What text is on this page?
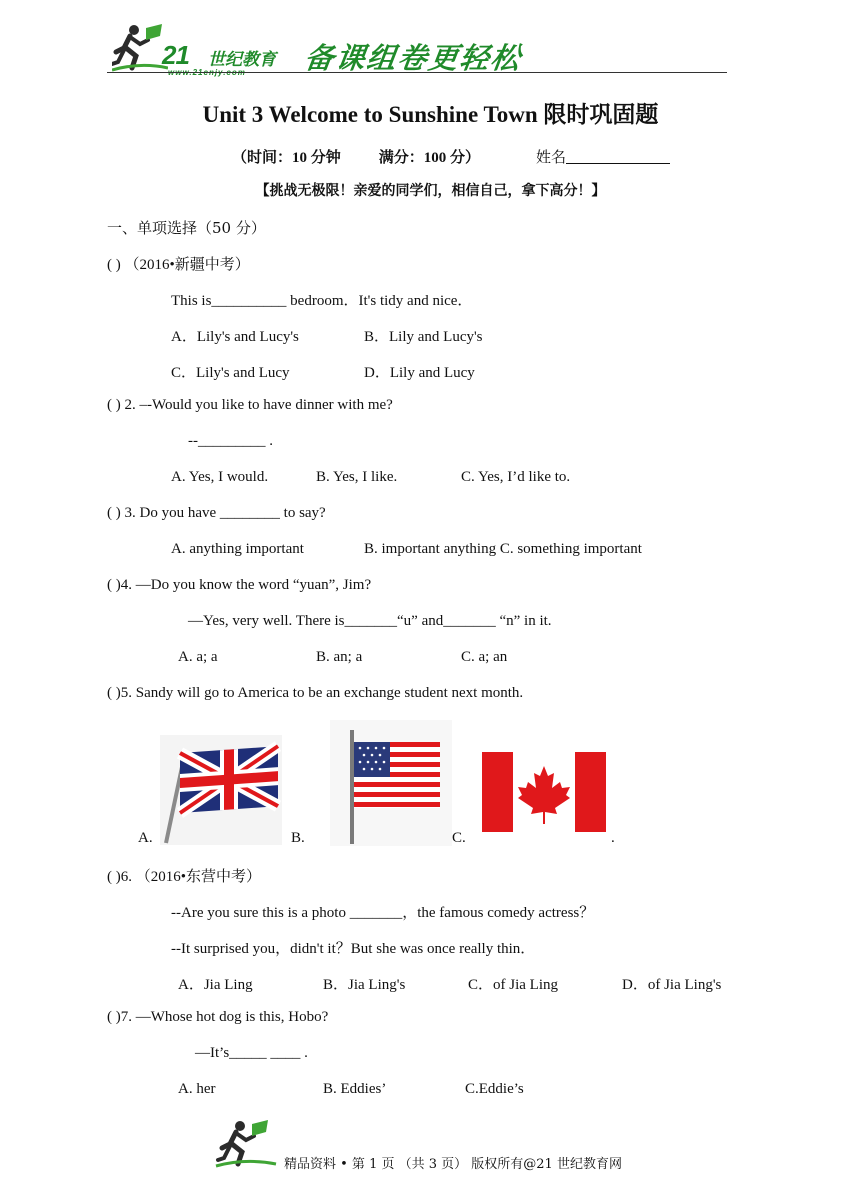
21 世纪教育
www.21cnjy.com 备课组卷更轻松
Unit 3 Welcome to Sunshine Town 限时巩固题
（时间：10 分钟	满分：100 分）	姓名
【挑战无极限！亲爱的同学们，相信自己，拿下高分！】
一、单项选择（50 分）
( ) （2016•新疆中考）
This is__________ bedroom．It's tidy and nice．
A．Lily's and Lucy's	B．Lily and Lucy's
C．Lily's and Lucy	D．Lily and Lucy
( ) 2. –-Would you like to have dinner with me?
--_________ .
A. Yes, I would.	B. Yes, I like.	C. Yes, I’d like to.
( ) 3. Do you have ________ to say?
A. anything important	B. important anything C. something important
( )4. —Do you know the word “yuan”, Jim?
—Yes, very well. There is_______“u” and_______ “n” in it.
A. a; a	B. an; a	C. a; an
( )5. Sandy will go to America to be an exchange student next month.
A.	B.	C.	.
( )6. （2016•东营中考）
--Are you sure this is a photo _______，the famous comedy actress？
--It surprised you，didn't it？But she was once really thin．
A．Jia Ling	B．Jia Ling's	C．of Jia Ling	D．of Jia Ling's
( )7. —Whose hot dog is this, Hobo?
—It’s_____ ____ .
A. her	B. Eddies’	C.Eddie’s
精品资料 • 第 1 页 （共 3 页） 版权所有@21 世纪教育网
